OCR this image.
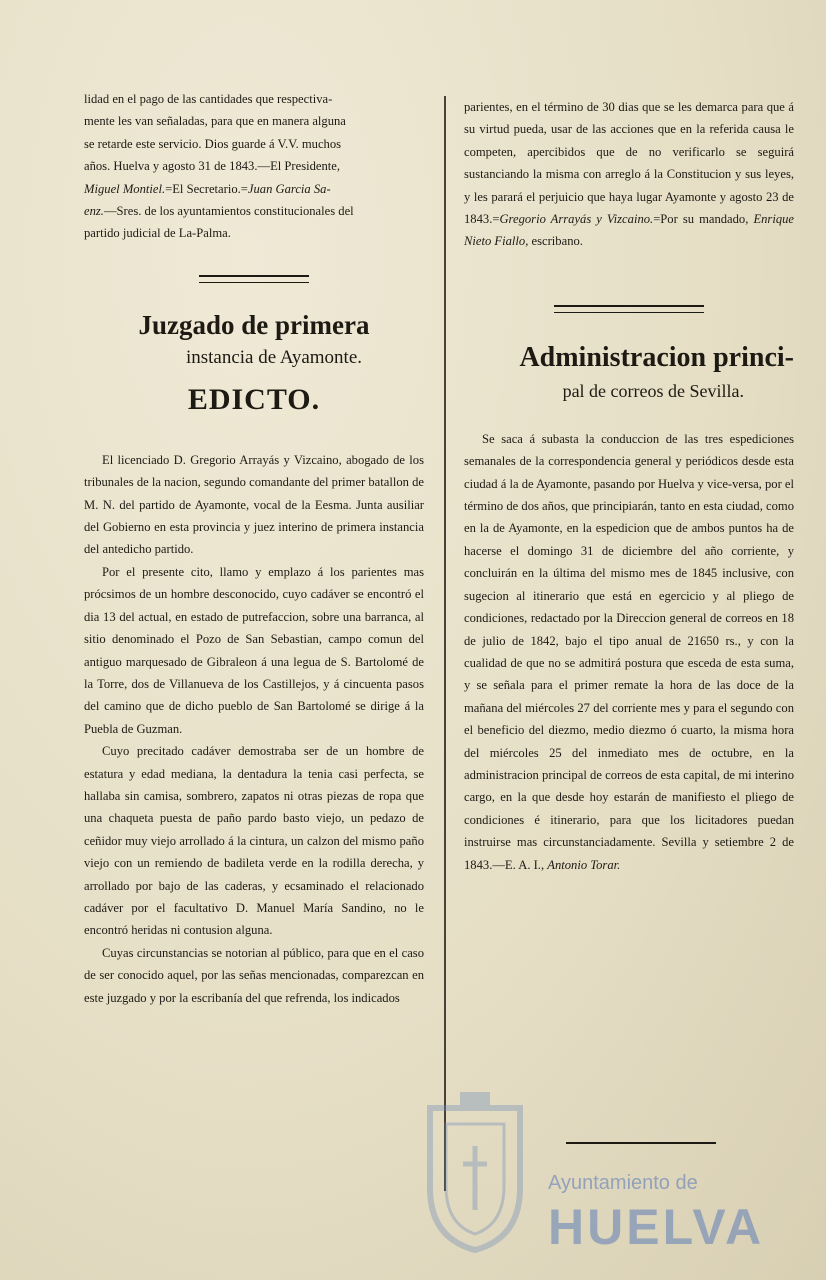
lidad en el pago de las cantidades que respectiva-
mente les van señaladas, para que en manera alguna
se retarde este servicio. Dios guarde á V.V. muchos
años. Huelva y agosto 31 de 1843.—El Presidente,
Miguel Montiel.=El Secretario.=Juan Garcia Sa-
enz.—Sres. de los ayuntamientos constitucionales del
partido judicial de La-Palma.

Juzgado de primera
instancia de Ayamonte.
EDICTO.

El licenciado D. Gregorio Arrayás y Vizcaino, abogado de los tribunales de la nacion, segundo comandante del primer batallon de M. N. del partido de Ayamonte, vocal de la Eesma. Junta ausiliar del Gobierno en esta provincia y juez interino de primera instancia del antedicho partido.

Por el presente cito, llamo y emplazo á los parientes mas prócsimos de un hombre desconocido, cuyo cadáver se encontró el dia 13 del actual, en estado de putrefaccion, sobre una barranca, al sitio denominado el Pozo de San Sebastian, campo comun del antiguo marquesado de Gibraleon á una legua de S. Bartolomé de la Torre, dos de Villanueva de los Castillejos, y á cincuenta pasos del camino que de dicho pueblo de San Bartolomé se dirige á la Puebla de Guzman.

Cuyo precitado cadáver demostraba ser de un hombre de estatura y edad mediana, la dentadura la tenia casi perfecta, se hallaba sin camisa, sombrero, zapatos ni otras piezas de ropa que una chaqueta puesta de paño pardo basto viejo, un pedazo de ceñidor muy viejo arrollado á la cintura, un calzon del mismo paño viejo con un remiendo de badileta verde en la rodilla derecha, y arrollado por bajo de las caderas, y ecsaminado el relacionado cadáver por el facultativo D. Manuel María Sandino, no le encontró heridas ni contusion alguna.

Cuyas circunstancias se notorian al público, para que en el caso de ser conocido aquel, por las señas mencionadas, comparezcan en este juzgado y por la escribanía del que refrenda, los indicados

parientes, en el término de 30 dias que se les demarca para que á su virtud pueda, usar de las acciones que en la referida causa le competen, apercibidos que de no verificarlo se seguirá sustanciando la misma con arreglo á la Constitucion y sus leyes, y les parará el perjuicio que haya lugar Ayamonte y agosto 23 de 1843.=Gregorio Arrayás y Vizcaino.=Por su mandado, Enrique Nieto Fiallo, escribano.

Administracion princi-
pal de correos de Sevilla.

Se saca á subasta la conduccion de las tres espediciones semanales de la correspondencia general y periódicos desde esta ciudad á la de Ayamonte, pasando por Huelva y vice-versa, por el término de dos años, que principiarán, tanto en esta ciudad, como en la de Ayamonte, en la espedicion que de ambos puntos ha de hacerse el domingo 31 de diciembre del año corriente, y concluirán en la última del mismo mes de 1845 inclusive, con sugecion al itinerario que está en egercicio y al pliego de condiciones, redactado por la Direccion general de correos en 18 de julio de 1842, bajo el tipo anual de 21650 rs., y con la cualidad de que no se admitirá postura que esceda de esta suma, y se señala para el primer remate la hora de las doce de la mañana del miércoles 27 del corriente mes y para el segundo con el beneficio del diezmo, medio diezmo ó cuarto, la misma hora del miércoles 25 del inmediato mes de octubre, en la administracion principal de correos de esta capital, de mi interino cargo, en la que desde hoy estarán de manifiesto el pliego de condiciones é itinerario, para que los licitadores puedan instruirse mas circunstanciadamente. Sevilla y setiembre 2 de 1843.—E. A. I., Antonio Torar.

Ayuntamiento de
HUELVA
